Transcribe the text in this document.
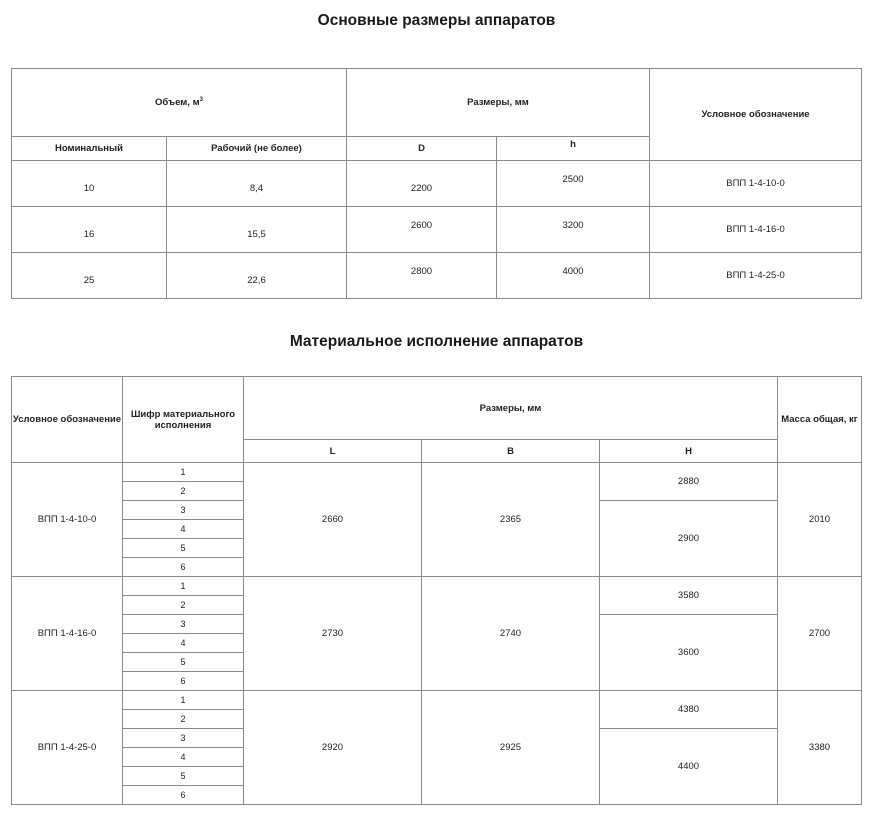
Основные размеры аппаратов
Объем, $м^3$		Размеры, мм		Условное обозначение
Номинальный	Рабочий (не более)	D	h	
10	8,4	2200	2500	ВПП 1-4-10-0
16	15,5	2600	3200	ВПП 1-4-16-0
25	22,6	2800	4000	ВПП 1-4-25-0
Материальное исполнение аппаратов
Условное обозначение	Шифр материального исполнения	Размеры, мм			Масса общая, кг
		L	B	H	
ВПП 1-4-10-0	1	2660	2365	2880	2010
	2				
	3			2900	
	4				
	5				
	6				
ВПП 1-4-16-0	1	2730	2740	3580	2700
	2				
	3			3600	
	4				
	5				
	6				
ВПП 1-4-25-0	1	2920	2925	4380	3380
	2				
	3			4400	
	4				
	5				
	6				
